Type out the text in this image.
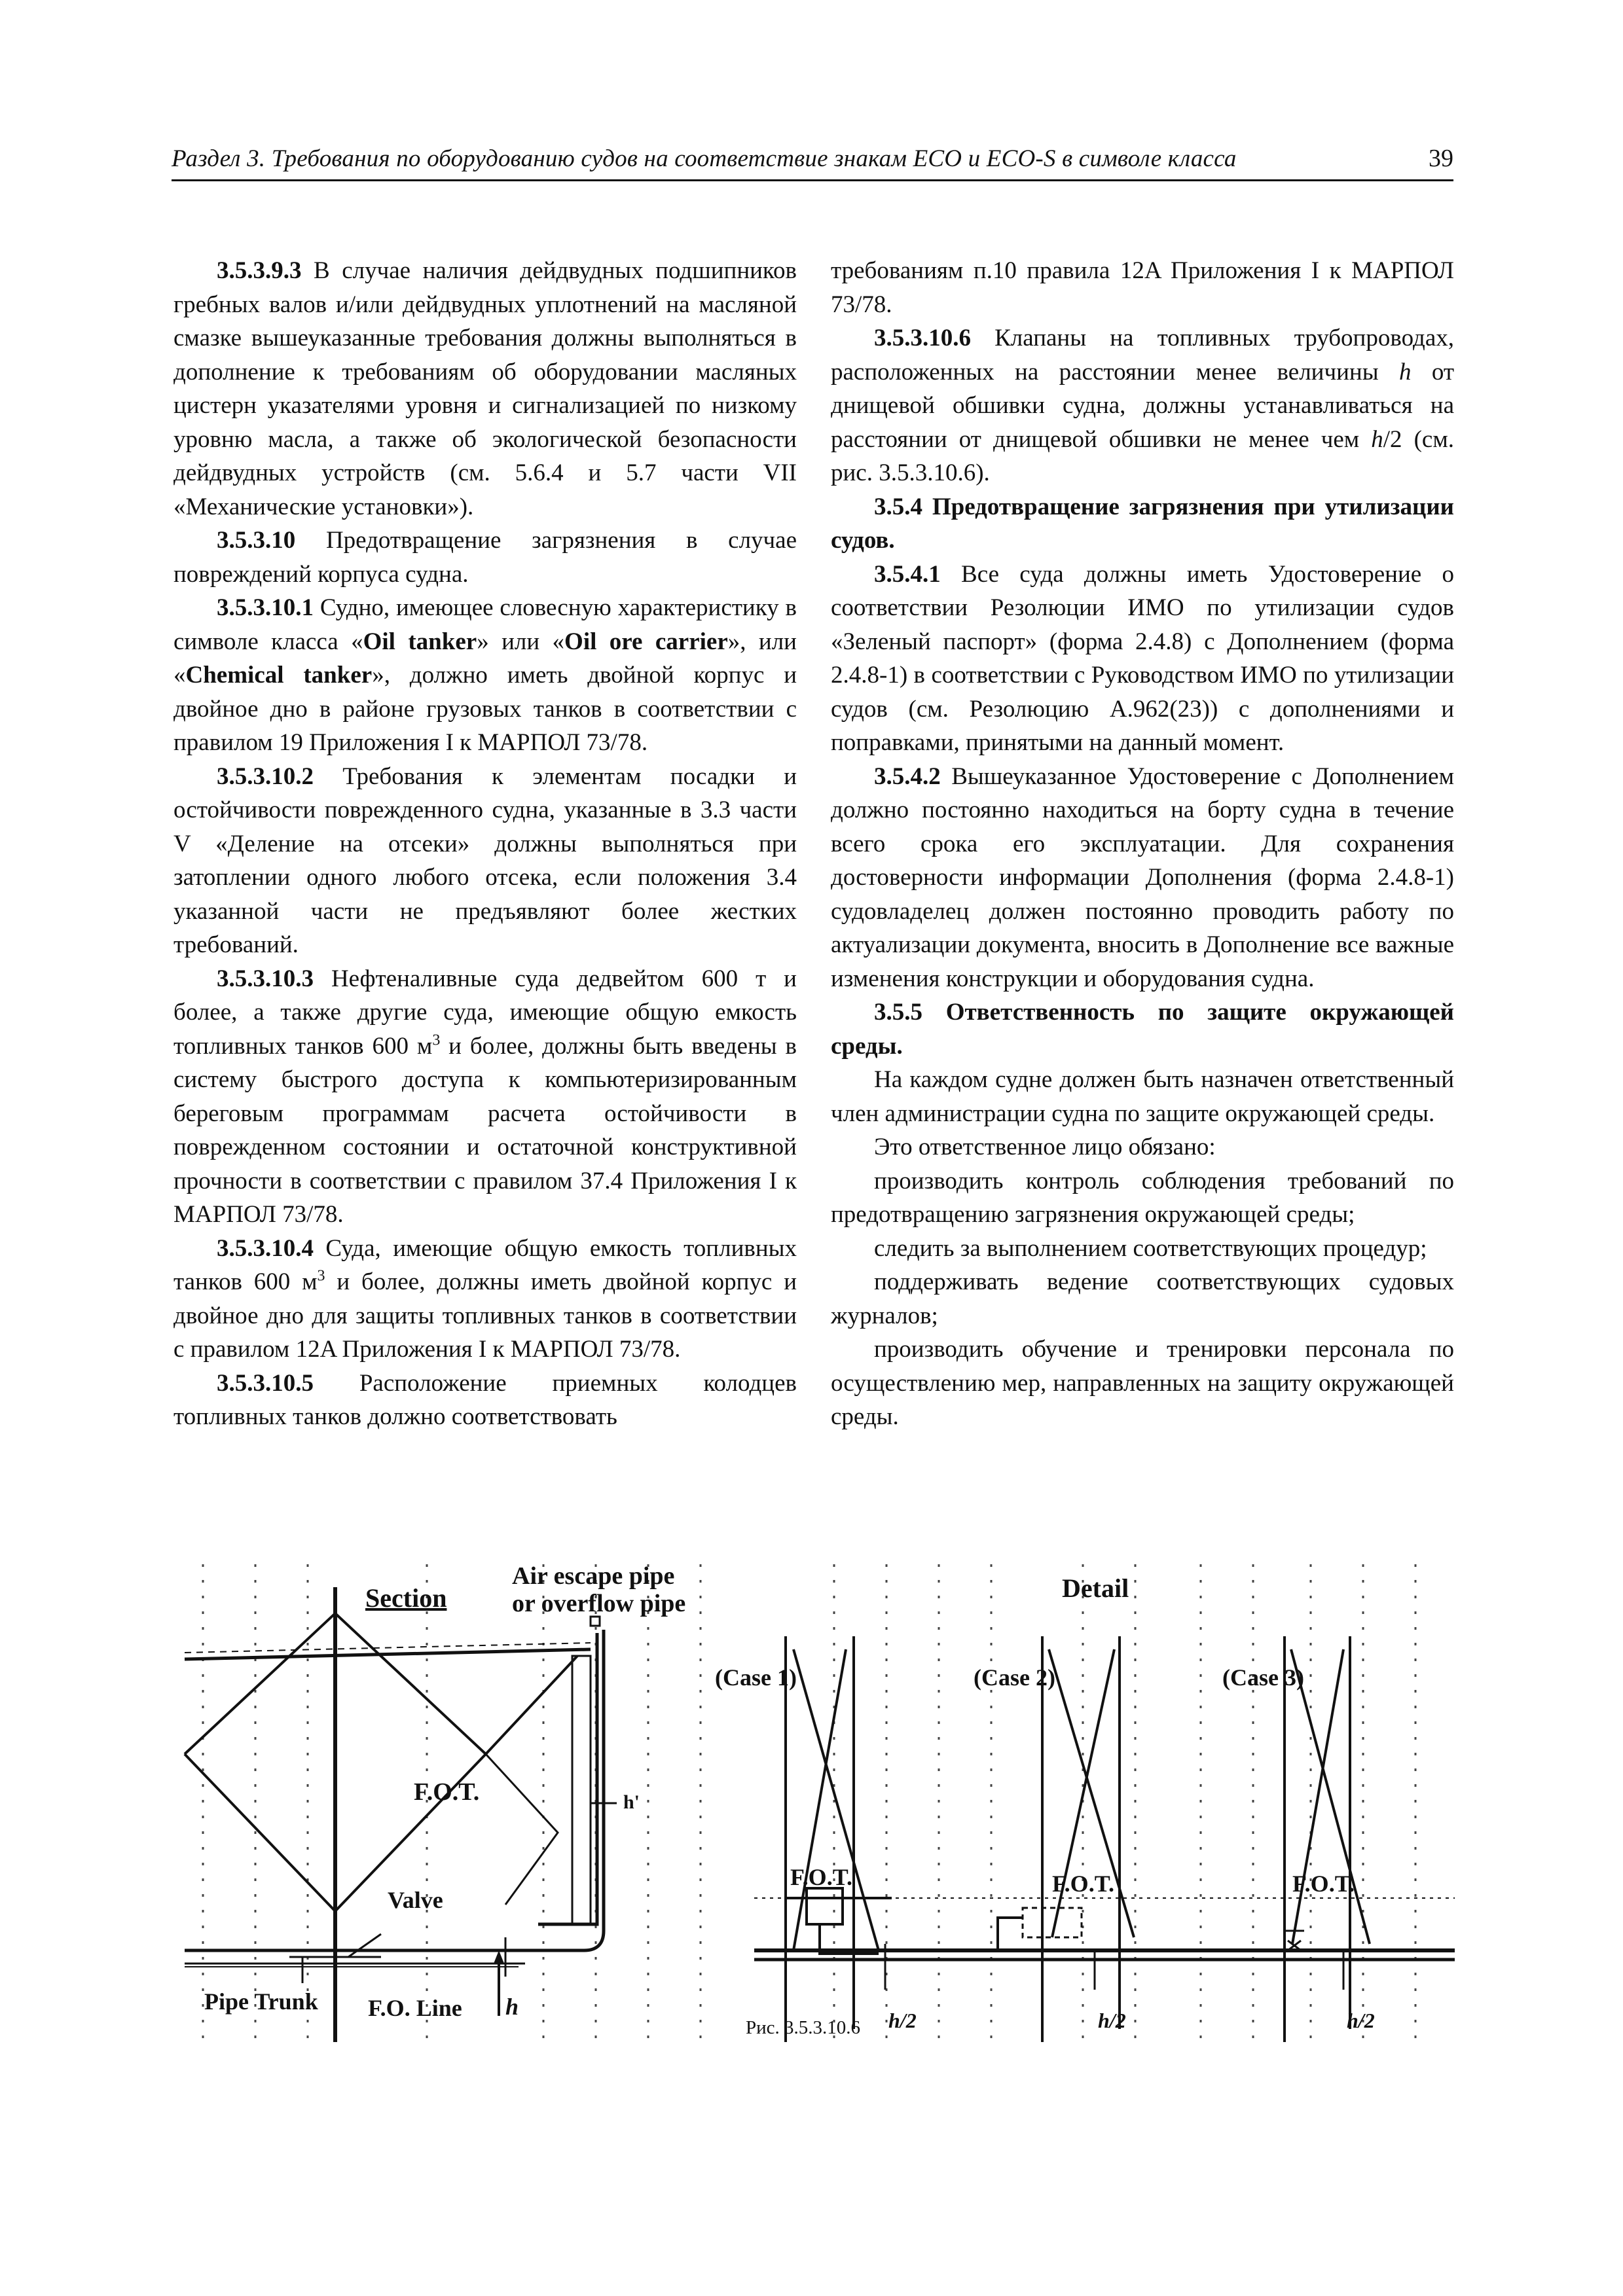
Раздел 3. Требования по оборудованию судов на соответствие знакам ECO и ECO-S в символе класса	39

3.5.3.9.3 В случае наличия дейдвудных подшипников гребных валов и/или дейдвудных уплотнений на масляной смазке вышеуказанные требования должны выполняться в дополнение к требованиям об оборудовании масляных цистерн указателями уровня и сигнализацией по низкому уровню масла, а также об экологической безопасности дейдвудных устройств (см. 5.6.4 и 5.7 части VII «Механические установки»).

3.5.3.10 Предотвращение загрязнения в случае повреждений корпуса судна.

3.5.3.10.1 Судно, имеющее словесную характеристику в символе класса «Oil tanker» или «Oil ore carrier», или «Chemical tanker», должно иметь двойной корпус и двойное дно в районе грузовых танков в соответствии с правилом 19 Приложения I к МАРПОЛ 73/78.

3.5.3.10.2 Требования к элементам посадки и остойчивости поврежденного судна, указанные в 3.3 части V «Деление на отсеки» должны выполняться при затоплении одного любого отсека, если положения 3.4 указанной части не предъявляют более жестких требований.

3.5.3.10.3 Нефтеналивные суда дедвейтом 600 т и более, а также другие суда, имеющие общую емкость топливных танков 600 $м^3$ и более, должны быть введены в систему быстрого доступа к компьютеризированным береговым программам расчета остойчивости в поврежденном состоянии и остаточной конструктивной прочности в соответствии с правилом 37.4 Приложения I к МАРПОЛ 73/78.

3.5.3.10.4 Суда, имеющие общую емкость топливных танков 600 $м^3$ и более, должны иметь двойной корпус и двойное дно для защиты топливных танков в соответствии с правилом 12A Приложения I к МАРПОЛ 73/78.

3.5.3.10.5 Расположение приемных колодцев топливных танков должно соответствовать

требованиям п.10 правила 12A Приложения I к МАРПОЛ 73/78.

3.5.3.10.6 Клапаны на топливных трубопроводах, расположенных на расстоянии менее величины h от днищевой обшивки судна, должны устанавливаться на расстоянии от днищевой обшивки не менее чем h/2 (см. рис. 3.5.3.10.6).

3.5.4 Предотвращение загрязнения при утилизации судов.

3.5.4.1 Все суда должны иметь Удостоверение о соответствии Резолюции ИМО по утилизации судов «Зеленый паспорт» (форма 2.4.8) с Дополнением (форма 2.4.8-1) в соответствии с Руководством ИМО по утилизации судов (см. Резолюцию A.962(23)) с дополнениями и поправками, принятыми на данный момент.

3.5.4.2 Вышеуказанное Удостоверение с Дополнением должно постоянно находиться на борту судна в течение всего срока его эксплуатации. Для сохранения достоверности информации Дополнения (форма 2.4.8-1) судовладелец должен постоянно проводить работу по актуализации документа, вносить в Дополнение все важные изменения конструкции и оборудования судна.

3.5.5 Ответственность по защите окружающей среды.

На каждом судне должен быть назначен ответственный член администрации судна по защите окружающей среды.

Это ответственное лицо обязано:

производить контроль соблюдения требований по предотвращению загрязнения окружающей среды;

следить за выполнением соответствующих процедур;

поддерживать ведение соответствующих судовых журналов;

производить обучение и тренировки персонала по осуществлению мер, направленных на защиту окружающей среды.

Section
Air escape pipe
or overflow pipe
F.O.T.	h'
Valve
Pipe Trunk F.O. Line h
Detail
(Case 1)
F.O.T.
h/2
(Case 2)
F.O.T.
h/2
(Case 3)
F.O.T.
h/2
Рис. 3.5.3.10.6
